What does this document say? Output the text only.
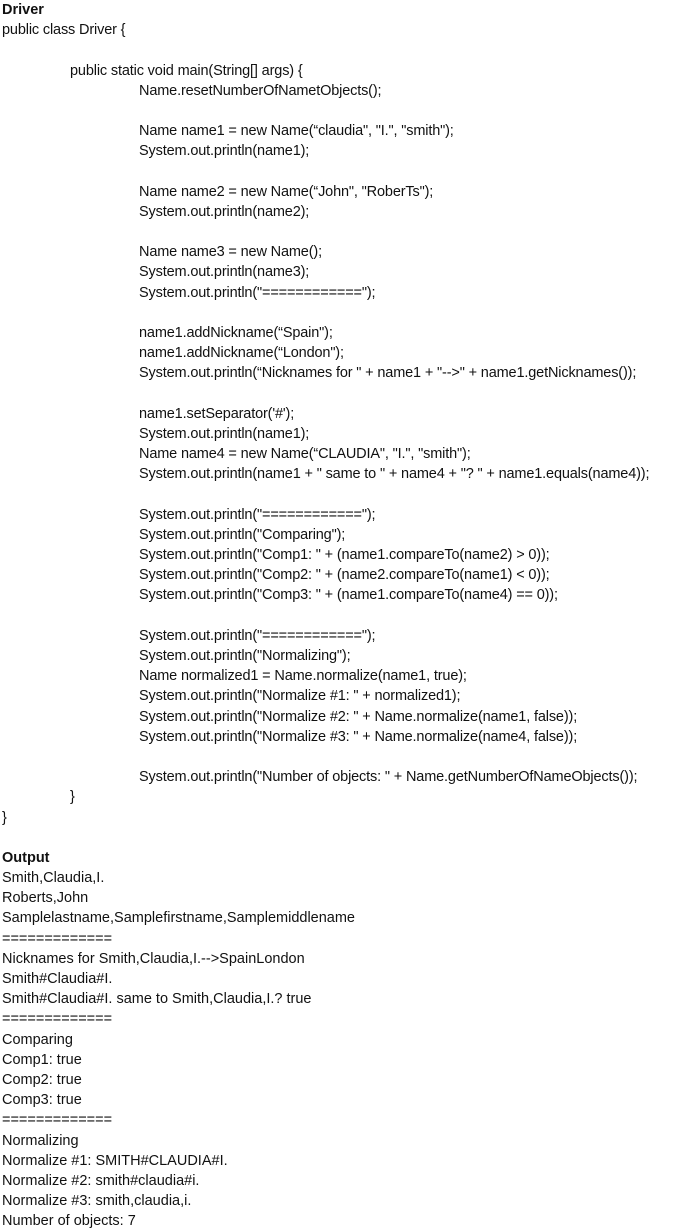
Driver
public class Driver {
public static void main(String[] args) {
Name.resetNumberOfNametObjects();
Name name1 = new Name(“claudia", "I.", "smith");
System.out.println(name1);
Name name2 = new Name(“John", "RoberTs");
System.out.println(name2);
Name name3 = new Name();
System.out.println(name3);
System.out.println("============");
name1.addNickname(“Spain");
name1.addNickname(“London");
System.out.println(“Nicknames for " + name1 + "-->" + name1.getNicknames());
name1.setSeparator('#');
System.out.println(name1);
Name name4 = new Name(“CLAUDIA", "I.", "smith");
System.out.println(name1 + " same to " + name4 + "? " + name1.equals(name4));
System.out.println("============");
System.out.println("Comparing");
System.out.println("Comp1: " + (name1.compareTo(name2) > 0));
System.out.println("Comp2: " + (name2.compareTo(name1) < 0));
System.out.println("Comp3: " + (name1.compareTo(name4) == 0));
System.out.println("============");
System.out.println("Normalizing");
Name normalized1 = Name.normalize(name1, true);
System.out.println("Normalize #1: " + normalized1);
System.out.println("Normalize #2: " + Name.normalize(name1, false));
System.out.println("Normalize #3: " + Name.normalize(name4, false));
System.out.println("Number of objects: " + Name.getNumberOfNameObjects());
}
}
Output
Smith,Claudia,I.
Roberts,John
Samplelastname,Samplefirstname,Samplemiddlename
=============
Nicknames for Smith,Claudia,I.-->SpainLondon
Smith#Claudia#I.
Smith#Claudia#I. same to Smith,Claudia,I.? true
=============
Comparing
Comp1: true
Comp2: true
Comp3: true
=============
Normalizing
Normalize #1: SMITH#CLAUDIA#I.
Normalize #2: smith#claudia#i.
Normalize #3: smith,claudia,i.
Number of objects: 7
